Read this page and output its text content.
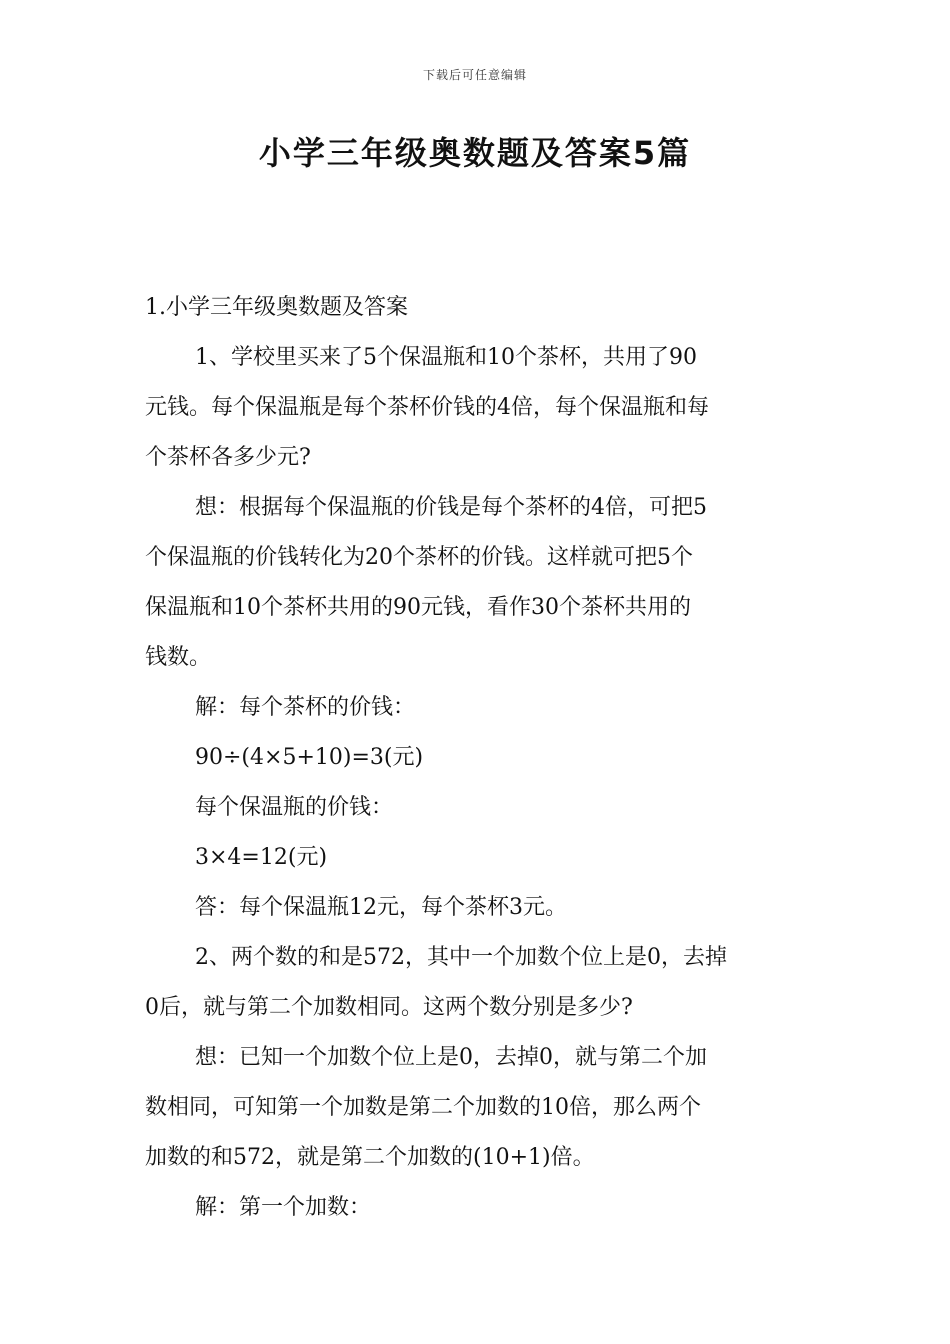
下载后可任意编辑
小学三年级奥数题及答案5篇

1.小学三年级奥数题及答案

1、学校里买来了5个保温瓶和10个茶杯，共用了90

元钱。每个保温瓶是每个茶杯价钱的4倍，每个保温瓶和每

个茶杯各多少元?

想：根据每个保温瓶的价钱是每个茶杯的4倍，可把5

个保温瓶的价钱转化为20个茶杯的价钱。这样就可把5个

保温瓶和10个茶杯共用的90元钱，看作30个茶杯共用的

钱数。

解：每个茶杯的价钱：

90÷(4×5+10)=3(元)

每个保温瓶的价钱：

3×4=12(元)

答：每个保温瓶12元，每个茶杯3元。

2、两个数的和是572，其中一个加数个位上是0，去掉

0后，就与第二个加数相同。这两个数分别是多少?

想：已知一个加数个位上是0，去掉0，就与第二个加

数相同，可知第一个加数是第二个加数的10倍，那么两个

加数的和572，就是第二个加数的(10+1)倍。

解：第一个加数：
